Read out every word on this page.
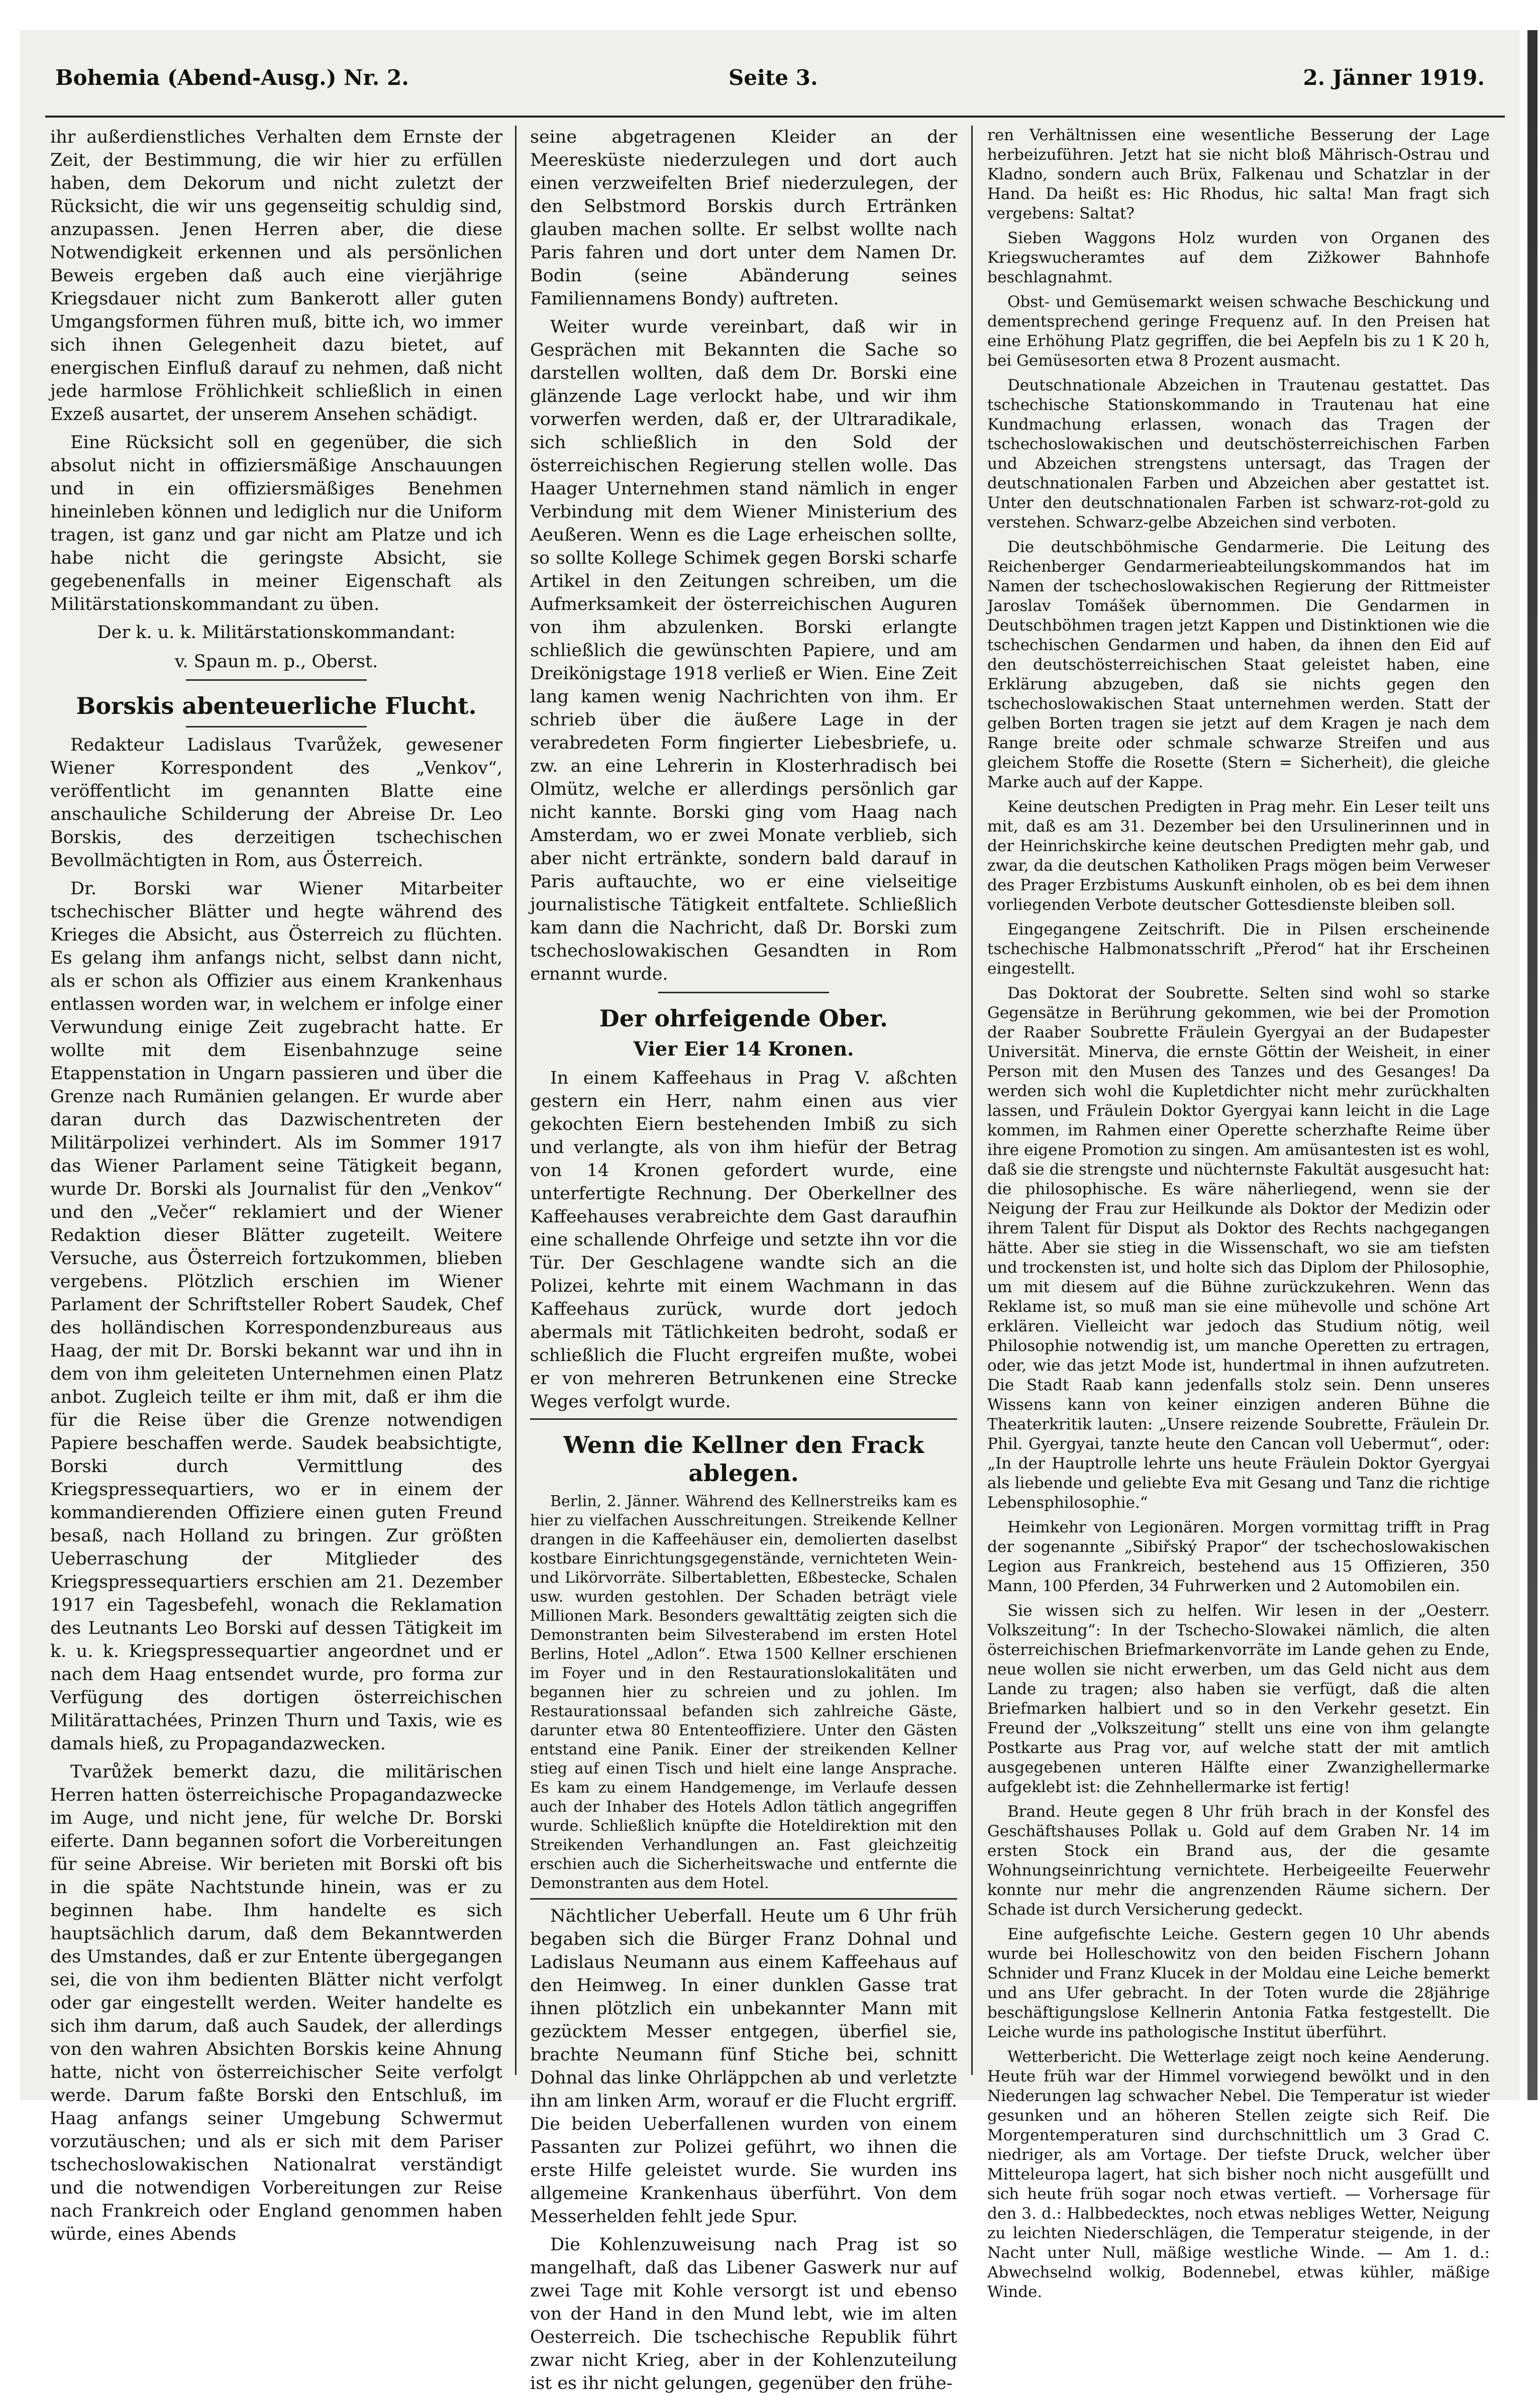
Bohemia (Abend-Ausg.) Nr. 2.	Seite 3.	2. Jänner 1919.

ihr außerdienstliches Verhalten dem Ernste der Zeit, der Bestimmung, die wir hier zu erfüllen haben, dem Dekorum und nicht zuletzt der Rücksicht, die wir uns gegenseitig schuldig sind, anzupassen. Jenen Herren aber, die diese Notwendigkeit erkennen und als persönlichen Beweis ergeben daß auch eine vierjährige Kriegsdauer nicht zum Bankerott aller guten Umgangsformen führen muß, bitte ich, wo immer sich ihnen Gelegenheit dazu bietet, auf energischen Einfluß darauf zu nehmen, daß nicht jede harmlose Fröhlichkeit schließlich in einen Exzeß ausartet, der unserem Ansehen schädigt.

Eine Rücksicht soll en gegenüber, die sich absolut nicht in offiziersmäßige Anschauungen und in ein offiziersmäßiges Benehmen hineinleben können und lediglich nur die Uniform tragen, ist ganz und gar nicht am Platze und ich habe nicht die geringste Absicht, sie gegebenenfalls in meiner Eigenschaft als Militärstationskommandant zu üben.

Der k. u. k. Militärstationskommandant:
v. Spaun m. p., Oberst.
Borskis abenteuerliche Flucht.

Redakteur Ladislaus Tvarůžek, gewesener Wiener Korrespondent des „Venkov“, veröffentlicht im genannten Blatte eine anschauliche Schilderung der Abreise Dr. Leo Borskis, des derzeitigen tschechischen Bevollmächtigten in Rom, aus Österreich.

Dr. Borski war Wiener Mitarbeiter tschechischer Blätter und hegte während des Krieges die Absicht, aus Österreich zu flüchten. Es gelang ihm anfangs nicht, selbst dann nicht, als er schon als Offizier aus einem Krankenhaus entlassen worden war, in welchem er infolge einer Verwundung einige Zeit zugebracht hatte. Er wollte mit dem Eisenbahnzuge seine Etappenstation in Ungarn passieren und über die Grenze nach Rumänien gelangen. Er wurde aber daran durch das Dazwischentreten der Militärpolizei verhindert. Als im Sommer 1917 das Wiener Parlament seine Tätigkeit begann, wurde Dr. Borski als Journalist für den „Venkov“ und den „Večer“ reklamiert und der Wiener Redaktion dieser Blätter zugeteilt. Weitere Versuche, aus Österreich fortzukommen, blieben vergebens. Plötzlich erschien im Wiener Parlament der Schriftsteller Robert Saudek, Chef des holländischen Korrespondenzbureaus aus Haag, der mit Dr. Borski bekannt war und ihn in dem von ihm geleiteten Unternehmen einen Platz anbot. Zugleich teilte er ihm mit, daß er ihm die für die Reise über die Grenze notwendigen Papiere beschaffen werde. Saudek beabsichtigte, Borski durch Vermittlung des Kriegspressequartiers, wo er in einem der kommandierenden Offiziere einen guten Freund besaß, nach Holland zu bringen. Zur größten Ueberraschung der Mitglieder des Kriegspressequartiers erschien am 21. Dezember 1917 ein Tagesbefehl, wonach die Reklamation des Leutnants Leo Borski auf dessen Tätigkeit im k. u. k. Kriegspressequartier angeordnet und er nach dem Haag entsendet wurde, pro forma zur Verfügung des dortigen österreichischen Militärattachées, Prinzen Thurn und Taxis, wie es damals hieß, zu Propagandazwecken.

Tvarůžek bemerkt dazu, die militärischen Herren hatten österreichische Propagandazwecke im Auge, und nicht jene, für welche Dr. Borski eiferte. Dann begannen sofort die Vorbereitungen für seine Abreise. Wir berieten mit Borski oft bis in die späte Nachtstunde hinein, was er zu beginnen habe. Ihm handelte es sich hauptsächlich darum, daß dem Bekanntwerden des Umstandes, daß er zur Entente übergegangen sei, die von ihm bedienten Blätter nicht verfolgt oder gar eingestellt werden. Weiter handelte es sich ihm darum, daß auch Saudek, der allerdings von den wahren Absichten Borskis keine Ahnung hatte, nicht von österreichischer Seite verfolgt werde. Darum faßte Borski den Entschluß, im Haag anfangs seiner Umgebung Schwermut vorzutäuschen; und als er sich mit dem Pariser tschechoslowakischen Nationalrat verständigt und die notwendigen Vorbereitungen zur Reise nach Frankreich oder England genommen haben würde, eines Abends

seine abgetragenen Kleider an der Meeresküste niederzulegen und dort auch einen verzweifelten Brief niederzulegen, der den Selbstmord Borskis durch Ertränken glauben machen sollte. Er selbst wollte nach Paris fahren und dort unter dem Namen Dr. Bodin (seine Abänderung seines Familiennamens Bondy) auftreten.

Weiter wurde vereinbart, daß wir in Gesprächen mit Bekannten die Sache so darstellen wollten, daß dem Dr. Borski eine glänzende Lage verlockt habe, und wir ihm vorwerfen werden, daß er, der Ultraradikale, sich schließlich in den Sold der österreichischen Regierung stellen wolle. Das Haager Unternehmen stand nämlich in enger Verbindung mit dem Wiener Ministerium des Aeußeren. Wenn es die Lage erheischen sollte, so sollte Kollege Schimek gegen Borski scharfe Artikel in den Zeitungen schreiben, um die Aufmerksamkeit der österreichischen Auguren von ihm abzulenken. Borski erlangte schließlich die gewünschten Papiere, und am Dreikönigstage 1918 verließ er Wien. Eine Zeit lang kamen wenig Nachrichten von ihm. Er schrieb über die äußere Lage in der verabredeten Form fingierter Liebesbriefe, u. zw. an eine Lehrerin in Klosterhradisch bei Olmütz, welche er allerdings persönlich gar nicht kannte. Borski ging vom Haag nach Amsterdam, wo er zwei Monate verblieb, sich aber nicht ertränkte, sondern bald darauf in Paris auftauchte, wo er eine vielseitige journalistische Tätigkeit entfaltete. Schließlich kam dann die Nachricht, daß Dr. Borski zum tschechoslowakischen Gesandten in Rom ernannt wurde.

Der ohrfeigende Ober.
Vier Eier 14 Kronen.

In einem Kaffeehaus in Prag V. aßchten gestern ein Herr, nahm einen aus vier gekochten Eiern bestehenden Imbiß zu sich und verlangte, als von ihm hiefür der Betrag von 14 Kronen gefordert wurde, eine unterfertigte Rechnung. Der Oberkellner des Kaffeehauses verabreichte dem Gast daraufhin eine schallende Ohrfeige und setzte ihn vor die Tür. Der Geschlagene wandte sich an die Polizei, kehrte mit einem Wachmann in das Kaffeehaus zurück, wurde dort jedoch abermals mit Tätlichkeiten bedroht, sodaß er schließlich die Flucht ergreifen mußte, wobei er von mehreren Betrunkenen eine Strecke Weges verfolgt wurde.

Wenn die Kellner den Frack ablegen.

Berlin, 2. Jänner. Während des Kellnerstreiks kam es hier zu vielfachen Ausschreitungen. Streikende Kellner drangen in die Kaffeehäuser ein, demolierten daselbst kostbare Einrichtungsgegenstände, vernichteten Wein- und Likörvorräte. Silbertabletten, Eßbestecke, Schalen usw. wurden gestohlen. Der Schaden beträgt viele Millionen Mark. Besonders gewalttätig zeigten sich die Demonstranten beim Silvesterabend im ersten Hotel Berlins, Hotel „Adlon“. Etwa 1500 Kellner erschienen im Foyer und in den Restaurationslokalitäten und begannen hier zu schreien und zu johlen. Im Restaurationssaal befanden sich zahlreiche Gäste, darunter etwa 80 Ententeoffiziere. Unter den Gästen entstand eine Panik. Einer der streikenden Kellner stieg auf einen Tisch und hielt eine lange Ansprache. Es kam zu einem Handgemenge, im Verlaufe dessen auch der Inhaber des Hotels Adlon tätlich angegriffen wurde. Schließlich knüpfte die Hoteldirektion mit den Streikenden Verhandlungen an. Fast gleichzeitig erschien auch die Sicherheitswache und entfernte die Demonstranten aus dem Hotel.

Nächtlicher Ueberfall. Heute um 6 Uhr früh begaben sich die Bürger Franz Dohnal und Ladislaus Neumann aus einem Kaffeehaus auf den Heimweg. In einer dunklen Gasse trat ihnen plötzlich ein unbekannter Mann mit gezücktem Messer entgegen, überfiel sie, brachte Neumann fünf Stiche bei, schnitt Dohnal das linke Ohrläppchen ab und verletzte ihn am linken Arm, worauf er die Flucht ergriff. Die beiden Ueberfallenen wurden von einem Passanten zur Polizei geführt, wo ihnen die erste Hilfe geleistet wurde. Sie wurden ins allgemeine Krankenhaus überführt. Von dem Messerhelden fehlt jede Spur.

Die Kohlenzuweisung nach Prag ist so mangelhaft, daß das Libener Gaswerk nur auf zwei Tage mit Kohle versorgt ist und ebenso von der Hand in den Mund lebt, wie im alten Oesterreich. Die tschechische Republik führt zwar nicht Krieg, aber in der Kohlenzuteilung ist es ihr nicht gelungen, gegenüber den frühe-

ren Verhältnissen eine wesentliche Besserung der Lage herbeizuführen. Jetzt hat sie nicht bloß Mährisch-Ostrau und Kladno, sondern auch Brüx, Falkenau und Schatzlar in der Hand. Da heißt es: Hic Rhodus, hic salta! Man fragt sich vergebens: Saltat?

Sieben Waggons Holz wurden von Organen des Kriegswucheramtes auf dem Zižkower Bahnhofe beschlagnahmt.

Obst- und Gemüsemarkt weisen schwache Beschickung und dementsprechend geringe Frequenz auf. In den Preisen hat eine Erhöhung Platz gegriffen, die bei Aepfeln bis zu 1 K 20 h, bei Gemüsesorten etwa 8 Prozent ausmacht.

Deutschnationale Abzeichen in Trautenau gestattet. Das tschechische Stationskommando in Trautenau hat eine Kundmachung erlassen, wonach das Tragen der tschechoslowakischen und deutschösterreichischen Farben und Abzeichen strengstens untersagt, das Tragen der deutschnationalen Farben und Abzeichen aber gestattet ist. Unter den deutschnationalen Farben ist schwarz-rot-gold zu verstehen. Schwarz-gelbe Abzeichen sind verboten.

Die deutschböhmische Gendarmerie. Die Leitung des Reichenberger Gendarmerieabteilungskommandos hat im Namen der tschechoslowakischen Regierung der Rittmeister Jaroslav Tomášek übernommen. Die Gendarmen in Deutschböhmen tragen jetzt Kappen und Distinktionen wie die tschechischen Gendarmen und haben, da ihnen den Eid auf den deutschösterreichischen Staat geleistet haben, eine Erklärung abzugeben, daß sie nichts gegen den tschechoslowakischen Staat unternehmen werden. Statt der gelben Borten tragen sie jetzt auf dem Kragen je nach dem Range breite oder schmale schwarze Streifen und aus gleichem Stoffe die Rosette (Stern = Sicherheit), die gleiche Marke auch auf der Kappe.

Keine deutschen Predigten in Prag mehr. Ein Leser teilt uns mit, daß es am 31. Dezember bei den Ursulinerinnen und in der Heinrichskirche keine deutschen Predigten mehr gab, und zwar, da die deutschen Katholiken Prags mögen beim Verweser des Prager Erzbistums Auskunft einholen, ob es bei dem ihnen vorliegenden Verbote deutscher Gottesdienste bleiben soll.

Eingegangene Zeitschrift. Die in Pilsen erscheinende tschechische Halbmonatsschrift „Přerod“ hat ihr Erscheinen eingestellt.

Das Doktorat der Soubrette. Selten sind wohl so starke Gegensätze in Berührung gekommen, wie bei der Promotion der Raaber Soubrette Fräulein Gyergyai an der Budapester Universität. Minerva, die ernste Göttin der Weisheit, in einer Person mit den Musen des Tanzes und des Gesanges! Da werden sich wohl die Kupletdichter nicht mehr zurückhalten lassen, und Fräulein Doktor Gyergyai kann leicht in die Lage kommen, im Rahmen einer Operette scherzhafte Reime über ihre eigene Promotion zu singen. Am amüsantesten ist es wohl, daß sie die strengste und nüchternste Fakultät ausgesucht hat: die philosophische. Es wäre näherliegend, wenn sie der Neigung der Frau zur Heilkunde als Doktor der Medizin oder ihrem Talent für Disput als Doktor des Rechts nachgegangen hätte. Aber sie stieg in die Wissenschaft, wo sie am tiefsten und trockensten ist, und holte sich das Diplom der Philosophie, um mit diesem auf die Bühne zurückzukehren. Wenn das Reklame ist, so muß man sie eine mühevolle und schöne Art erklären. Vielleicht war jedoch das Studium nötig, weil Philosophie notwendig ist, um manche Operetten zu ertragen, oder, wie das jetzt Mode ist, hundertmal in ihnen aufzutreten. Die Stadt Raab kann jedenfalls stolz sein. Denn unseres Wissens kann von keiner einzigen anderen Bühne die Theaterkritik lauten: „Unsere reizende Soubrette, Fräulein Dr. Phil. Gyergyai, tanzte heute den Cancan voll Uebermut“, oder: „In der Hauptrolle lehrte uns heute Fräulein Doktor Gyergyai als liebende und geliebte Eva mit Gesang und Tanz die richtige Lebensphilosophie.“

Heimkehr von Legionären. Morgen vormittag trifft in Prag der sogenannte „Sibiřský Prapor“ der tschechoslowakischen Legion aus Frankreich, bestehend aus 15 Offizieren, 350 Mann, 100 Pferden, 34 Fuhrwerken und 2 Automobilen ein.

Sie wissen sich zu helfen. Wir lesen in der „Oesterr. Volkszeitung“: In der Tschecho-Slowakei nämlich, die alten österreichischen Briefmarkenvorräte im Lande gehen zu Ende, neue wollen sie nicht erwerben, um das Geld nicht aus dem Lande zu tragen; also haben sie verfügt, daß die alten Briefmarken halbiert und so in den Verkehr gesetzt. Ein Freund der „Volkszeitung“ stellt uns eine von ihm gelangte Postkarte aus Prag vor, auf welche statt der mit amtlich ausgegebenen unteren Hälfte einer Zwanzighellermarke aufgeklebt ist: die Zehnhellermarke ist fertig!

Brand. Heute gegen 8 Uhr früh brach in der Konsfel des Geschäftshauses Pollak u. Gold auf dem Graben Nr. 14 im ersten Stock ein Brand aus, der die gesamte Wohnungseinrichtung vernichtete. Herbeigeeilte Feuerwehr konnte nur mehr die angrenzenden Räume sichern. Der Schade ist durch Versicherung gedeckt.

Eine aufgefischte Leiche. Gestern gegen 10 Uhr abends wurde bei Holleschowitz von den beiden Fischern Johann Schnider und Franz Klucek in der Moldau eine Leiche bemerkt und ans Ufer gebracht. In der Toten wurde die 28jährige beschäftigungslose Kellnerin Antonia Fatka festgestellt. Die Leiche wurde ins pathologische Institut überführt.

Wetterbericht. Die Wetterlage zeigt noch keine Aenderung. Heute früh war der Himmel vorwiegend bewölkt und in den Niederungen lag schwacher Nebel. Die Temperatur ist wieder gesunken und an höheren Stellen zeigte sich Reif. Die Morgentemperaturen sind durchschnittlich um 3 Grad C. niedriger, als am Vortage. Der tiefste Druck, welcher über Mitteleuropa lagert, hat sich bisher noch nicht ausgefüllt und sich heute früh sogar noch etwas vertieft. — Vorhersage für den 3. d.: Halbbedecktes, noch etwas nebliges Wetter, Neigung zu leichten Niederschlägen, die Temperatur steigende, in der Nacht unter Null, mäßige westliche Winde. — Am 1. d.: Abwechselnd wolkig, Bodennebel, etwas kühler, mäßige Winde.
